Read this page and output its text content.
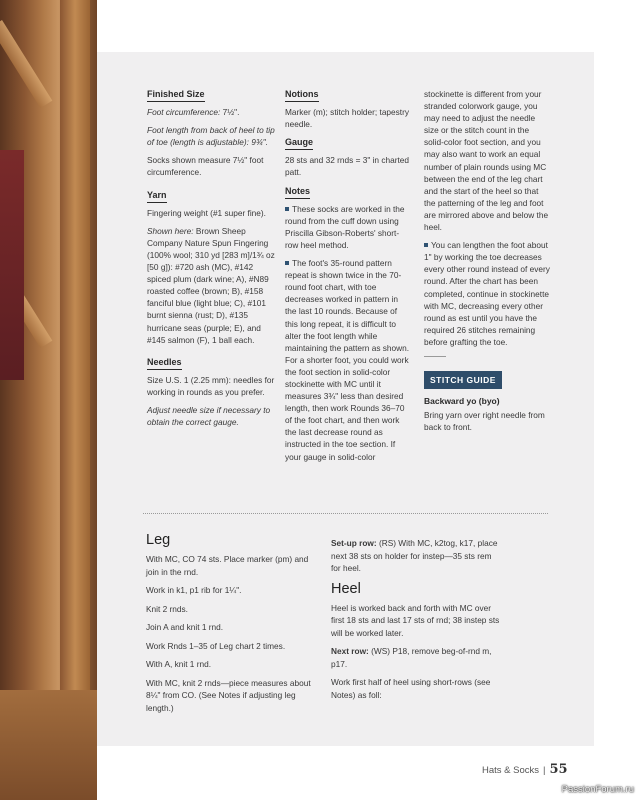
Finished Size

Foot circumference: 7½".

Foot length from back of heel to tip of toe (length is adjustable): 9¾".

Socks shown measure 7½" foot circumference.

Yarn

Fingering weight (#1 super fine).

Shown here: Brown Sheep Company Nature Spun Fingering (100% wool; 310 yd [283 m]/1¾ oz [50 g]): #720 ash (MC), #142 spiced plum (dark wine; A), #N89 roasted coffee (brown; B), #158 fanciful blue (light blue; C), #101 burnt sienna (rust; D), #135 hurricane seas (purple; E), and #145 salmon (F), 1 ball each.

Needles

Size U.S. 1 (2.25 mm): needles for working in rounds as you prefer.

Adjust needle size if necessary to obtain the correct gauge.

Notions

Marker (m); stitch holder; tapestry needle.

Gauge

28 sts and 32 rnds = 3" in charted patt.

Notes

These socks are worked in the round from the cuff down using Priscilla Gibson-Roberts' short-row heel method.

The foot's 35-round pattern repeat is shown twice in the 70-round foot chart, with toe decreases worked in pattern in the last 10 rounds. Because of this long repeat, it is difficult to alter the foot length while maintaining the pattern as shown. For a shorter foot, you could work the foot section in solid-color stockinette with MC until it measures 3¾" less than desired length, then work Rounds 36–70 of the foot chart, and then work the last decrease round as instructed in the toe section. If your gauge in solid-color

stockinette is different from your stranded colorwork gauge, you may need to adjust the needle size or the stitch count in the solid-color foot section, and you may also want to work an equal number of plain rounds using MC between the end of the leg chart and the start of the heel so that the patterning of the leg and foot are mirrored above and below the heel.

You can lengthen the foot about 1" by working the toe decreases every other round instead of every round. After the chart has been completed, continue in stockinette with MC, decreasing every other round as est until you have the required 26 stitches remaining before grafting the toe.

STITCH GUIDE
Backward yo (byo)

Bring yarn over right needle from back to front.

Leg

With MC, CO 74 sts. Place marker (pm) and join in the rnd.

Work in k1, p1 rib for 1¼".

Knit 2 rnds.

Join A and knit 1 rnd.

Work Rnds 1–35 of Leg chart 2 times.

With A, knit 1 rnd.

With MC, knit 2 rnds—piece measures about 8¼" from CO. (See Notes if adjusting leg length.)

Set-up row: (RS) With MC, k2tog, k17, place next 38 sts on holder for instep—35 sts rem for heel.

Heel

Heel is worked back and forth with MC over first 18 sts and last 17 sts of rnd; 38 instep sts will be worked later.

Next row: (WS) P18, remove beg-of-rnd m, p17.

Work first half of heel using short-rows (see Notes) as foll:

Hats & Socks | 55
PassionForum.ru
